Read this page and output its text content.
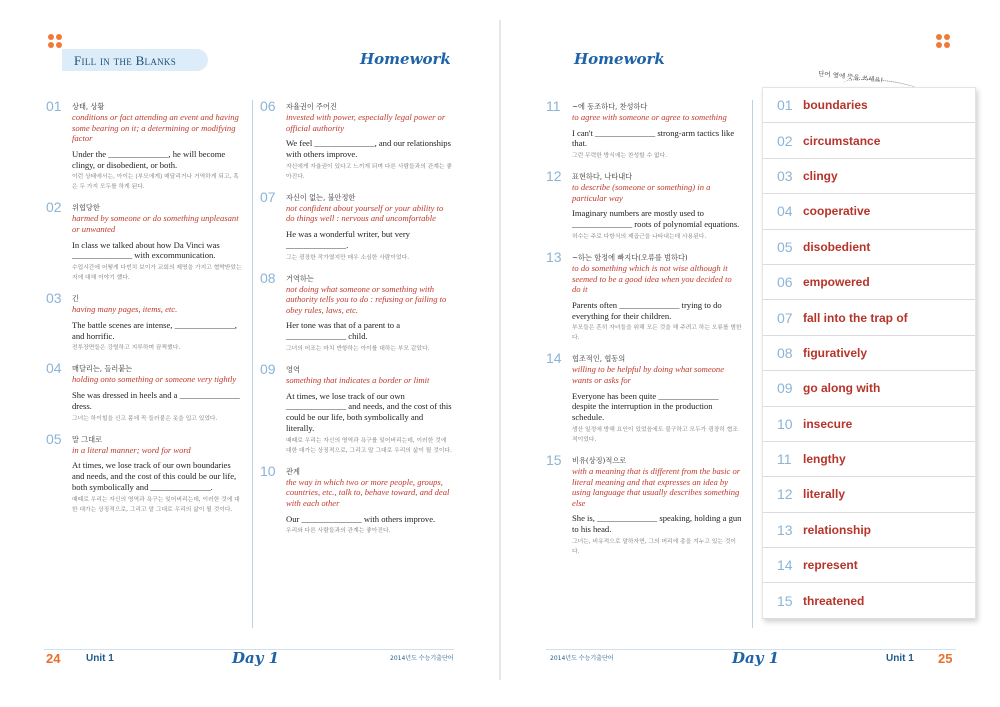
Fill in the Blanks	Homework	Homework
01	상태, 상황
conditions or fact attending an event and having some bearing on it; a determining or modifying factor
Under the ______________, he will become clingy, or disobedient, or both.
이런 상태에서는, 아이는 (부모에게) 매달리거나 거역하게 되고, 혹은 두 가지 모두를 하게 된다.
02	위협당한
harmed by someone or do something unpleasant or unwanted
In class we talked about how Da Vinci was ______________ with excommunication.
수업시간에 어떻게 다빈치 보이가 교회의 제명을 가지고 협박받았는지에 대해 이야기 했다.
03	긴
having many pages, items, etc.
The battle scenes are intense, ______________, and horrific.
전투장면들은 강렬하고 지루하며 끔찍했다.
04	매달리는, 들러붙는
holding onto something or someone very tightly
She was dressed in heels and a ______________ dress.
그녀는 하이힐을 신고 몸에 꼭 들러붙은 옷을 입고 있었다.
05	말 그대로
in a literal manner; word for word
At times, we lose track of our own boundaries and needs, and the cost of this could be our life, both symbolically and ______________.
때때로 우리는 자신의 영역과 욕구는 잊어버리는데, 이러한 것에 대한 대가는 상징적으로, 그리고 말 그대로 우리의 삶이 될 것이다.
06	자율권이 주어진
invested with power, especially legal power or official authority
We feel ______________, and our relationships with others improve.
자신에게 자율권이 있다고 느끼게 되며 다른 사람들과의 관계는 좋아진다.
07	자신이 없는, 불안정한
not confident about yourself or your ability to do things well : nervous and uncomfortable
He was a wonderful writer, but very ______________.
그는 굉장한 작가였지만 매우 소심한 사람이었다.
08	거역하는
not doing what someone or something with authority tells you to do : refusing or failing to obey rules, laws, etc.
Her tone was that of a parent to a ______________ child.
그녀의 어조는 마치 반항하는 아이를 대하는 부모 같았다.
09	영역
something that indicates a border or limit
At times, we lose track of our own ______________ and needs, and the cost of this could be our life, both symbolically and literally.
때때로 우리는 자신의 영역과 욕구를 잊어버리는데, 이러한 것에 대한 대가는 상징적으로, 그리고 말 그대로 우리의 삶이 될 것이다.
10	관계
the way in which two or more people, groups, countries, etc., talk to, behave toward, and deal with each other
Our ______________ with others improve.
우리와 다른 사람들과의 관계는 좋아진다.
11	~에 동조하다, 찬성하다
to agree with someone or agree to something
I can't ______________ strong-arm tactics like that.
그런 무력한 방식에는 찬성할 수 없다.
12	표현하다, 나타내다
to describe (someone or something) in a particular way
Imaginary numbers are mostly used to ______________ roots of polynomial equations.
허수는 주로 다항식의 제곱근을 나타내는데 사용된다.
13	~하는 함정에 빠지다(오류를 범하다)
to do something which is not wise although it seemed to be a good idea when you decided to do it
Parents often ______________ trying to do everything for their children.
부모들은 흔히 자녀들을 위해 모든 것을 해 주려고 하는 오류를 범한다.
14	협조적인, 협동의
willing to be helpful by doing what someone wants or asks for
Everyone has been quite ______________ despite the interruption in the production schedule.
생산 일정에 방해 요인이 있었음에도 불구하고 모두가 굉장히 협조적이었다.
15	비유(상징)적으로
with a meaning that is different from the basic or literal meaning and that expresses an idea by using language that usually describes something else
She is, ______________ speaking, holding a gun to his head.
그녀는, 비유적으로 말하자면, 그의 머리에 총을 겨누고 있는 것이다.
단어 옆에 뜻을 쓰세요!
01 boundaries
02 circumstance
03 clingy
04 cooperative
05 disobedient
06 empowered
07 fall into the trap of
08 figuratively
09 go along with
10 insecure
11 lengthy
12 literally
13 relationship
14 represent
15 threatened
24	Unit 1	Day 1	2014년도 수능기출단어	2014년도 수능기출단어	Day 1	Unit 1 25
